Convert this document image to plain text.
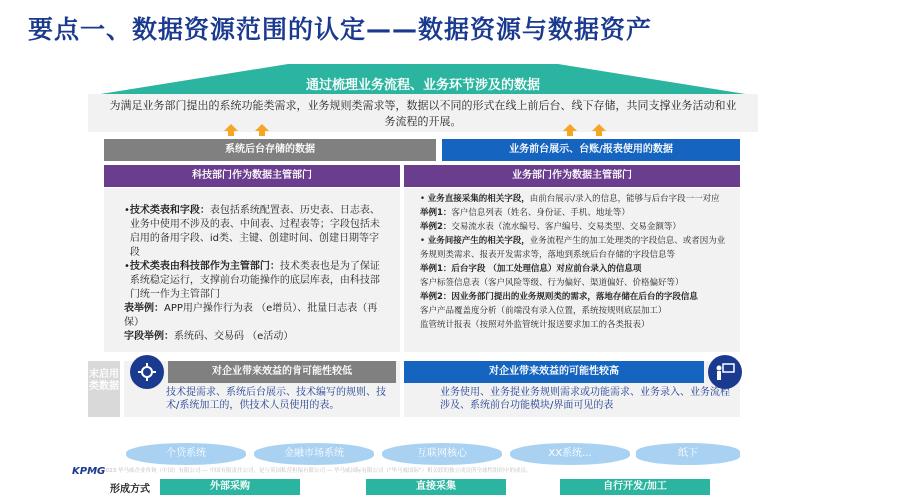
要点一、数据资源范围的认定——数据资源与数据资产
通过梳理业务流程、业务环节涉及的数据
为满足业务部门提出的系统功能类需求，业务规则类需求等，数据以不同的形式在线上前后台、线下存储，共同支撑业务活动和业务流程的开展。
系统后台存储的数据	业务前台展示、台账/报表使用的数据
科技部门作为数据主管部门	业务部门作为数据主管部门
• 技术类表和字段：表包括系统配置表、历史表、日志表、业务中使用不涉及的表、中间表、过程表等；字段包括未启用的备用字段、id类、主键、创建时间、创建日期等字段
• 技术类表由科技部作为主管部门：技术类表也是为了保证系统稳定运行，支撑前台功能操作的底层库表，由科技部门统一作为主管部门
表举例：APP用户操作行为表 （e增员）、批量日志表（再保）
字段举例：系统码、交易码 （e活动）
• 业务直接采集的相关字段，由前台展示/录入的信息，能够与后台字段一一对应
举例1：客户信息列表（姓名、身份证、手机、地址等）
举例2：交易流水表（流水编号、客户编号、交易类型、交易金额等）
• 业务间接产生的相关字段，业务流程产生的加工处理类的字段信息、或者因为业务规则类需求、报表开发需求等，落地到系统后台存储的字段信息等
举例1：后台字段 （加工处理信息）对应前台录入的信息项
客户标签信息表（客户风险等级、行为偏好、渠道偏好、价格偏好等）
举例2：因业务部门提出的业务规则类的需求，落地存储在后台的字段信息
客户产品覆盖度分析（前端没有录入位置，系统按规则底层加工）
监管统计报表（按照对外监管统计报送要求加工的各类报表）
末启用类数据
对企业带来效益的肯可能性较低	对企业带来效益的可能性较高
技术提需求、系统后台展示、技术编写的规则、技术/系统加工的，供技术人员使用的表。
业务使用、业务提业务规则需求或功能需求、业务录入、业务流程涉及、系统前台功能模块/界面可见的表
个贷系统	金融市场系统	互联网核心	XX系统...	纸下
© 2023 毕马威企业咨询（中国）有限公司 — 中国有限责任公司，是与英国私营担保有限公司 — 毕马威国际有限公司（"毕马威国际"）相关联的独立成员所全球性组织中的成员。
KPMG
形成方式	外部采购	直接采集	自行开发/加工
